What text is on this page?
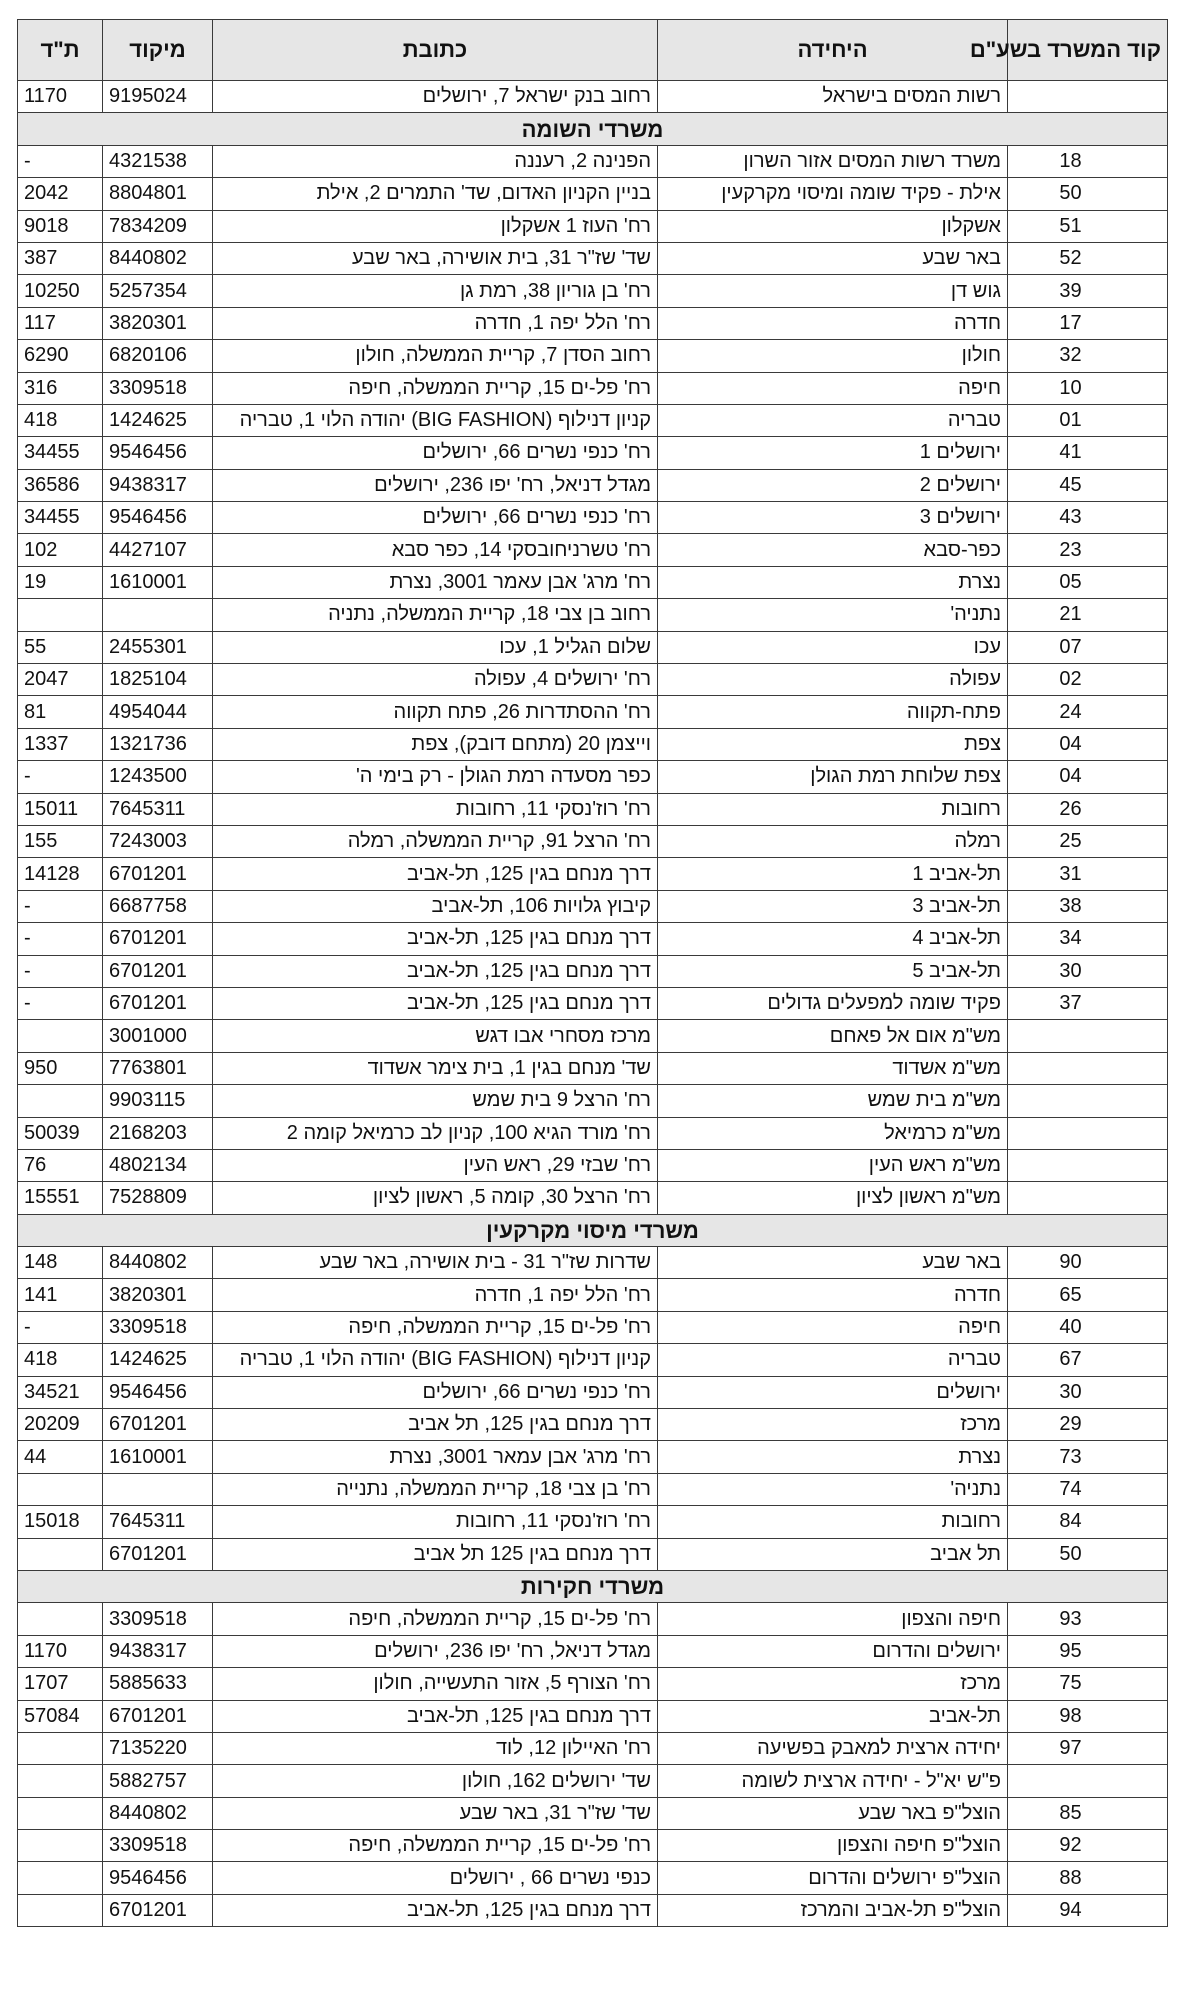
קוד המשרד בשע"ם	היחידה	כתובת	מיקוד	ת"ד
	רשות המסים בישראל	רחוב בנק ישראל 7, ירושלים	9195024	1170
משרדי השומה				
18	משרד רשות המסים אזור השרון	הפנינה 2, רעננה	4321538	-
50	אילת - פקיד שומה ומיסוי מקרקעין	בניין הקניון האדום, שד' התמרים 2, אילת	8804801	2042
51	אשקלון	רח' העוז 1 אשקלון	7834209	9018
52	באר שבע	שד' שז"ר 31, בית אושירה, באר שבע	8440802	387
39	גוש דן	רח' בן גוריון 38, רמת גן	5257354	10250
17	חדרה	רח' הלל יפה 1, חדרה	3820301	117
32	חולון	רחוב הסדן 7, קריית הממשלה, חולון	6820106	6290
10	חיפה	רח' פל-ים 15, קריית הממשלה, חיפה	3309518	316
01	טבריה	קניון דנילוף (BIG FASHION) יהודה הלוי 1, טבריה	1424625	418
41	ירושלים 1	רח' כנפי נשרים 66, ירושלים	9546456	34455
45	ירושלים 2	מגדל דניאל, רח' יפו 236, ירושלים	9438317	36586
43	ירושלים 3	רח' כנפי נשרים 66, ירושלים	9546456	34455
23	כפר-סבא	רח' טשרניחובסקי 14, כפר סבא	4427107	102
05	נצרת	רח' מרג' אבן עאמר 3001, נצרת	1610001	19
21	נתניה'	רחוב בן צבי 18, קריית הממשלה, נתניה		
07	עכו	שלום הגליל 1, עכו	2455301	55
02	עפולה	רח' ירושלים 4, עפולה	1825104	2047
24	פתח-תקווה	רח' ההסתדרות 26, פתח תקווה	4954044	81
04	צפת	וייצמן 20 (מתחם דובק), צפת	1321736	1337
04	צפת שלוחת רמת הגולן	כפר מסעדה רמת הגולן - רק בימי ה'	1243500	-
26	רחובות	רח' רוז'נסקי 11, רחובות	7645311	15011
25	רמלה	רח' הרצל 91, קריית הממשלה, רמלה	7243003	155
31	תל-אביב 1	דרך מנחם בגין 125, תל-אביב	6701201	14128
38	תל-אביב 3	קיבוץ גלויות 106, תל-אביב	6687758	-
34	תל-אביב 4	דרך מנחם בגין 125, תל-אביב	6701201	-
30	תל-אביב 5	דרך מנחם בגין 125, תל-אביב	6701201	-
37	פקיד שומה למפעלים גדולים	דרך מנחם בגין 125, תל-אביב	6701201	-
	מש"מ אום אל פאחם	מרכז מסחרי אבו דגש	3001000	
	מש"מ אשדוד	שד' מנחם בגין 1, בית צימר אשדוד	7763801	950
	מש"מ בית שמש	רח' הרצל 9 בית שמש	9903115	
	מש"מ כרמיאל	רח' מורד הגיא 100, קניון לב כרמיאל קומה 2	2168203	50039
	מש"מ ראש העין	רח' שבזי 29, ראש העין	4802134	76
	מש"מ ראשון לציון	רח' הרצל 30, קומה 5, ראשון לציון	7528809	15551
משרדי מיסוי מקרקעין				
90	באר שבע	שדרות שז"ר 31 - בית אושירה, באר שבע	8440802	148
65	חדרה	רח' הלל יפה 1, חדרה	3820301	141
40	חיפה	רח' פל-ים 15, קריית הממשלה, חיפה	3309518	-
67	טבריה	קניון דנילוף (BIG FASHION) יהודה הלוי 1, טבריה	1424625	418
30	ירושלים	רח' כנפי נשרים 66, ירושלים	9546456	34521
29	מרכז	דרך מנחם בגין 125, תל אביב	6701201	20209
73	נצרת	רח' מרג' אבן עמאר 3001, נצרת	1610001	44
74	נתניה'	רח' בן צבי 18, קריית הממשלה, נתנייה		
84	רחובות	רח' רוז'נסקי 11, רחובות	7645311	15018
50	תל אביב	דרך מנחם בגין 125 תל אביב	6701201	
משרדי חקירות				
93	חיפה והצפון	רח' פל-ים 15, קריית הממשלה, חיפה	3309518	
95	ירושלים והדרום	מגדל דניאל, רח' יפו 236, ירושלים	9438317	1170
75	מרכז	רח' הצורף 5, אזור התעשייה, חולון	5885633	1707
98	תל-אביב	דרך מנחם בגין 125, תל-אביב	6701201	57084
97	יחידה ארצית למאבק בפשיעה	רח' האיילון 12, לוד	7135220	
	פ"ש יא"ל - יחידה ארצית לשומה	שד' ירושלים 162, חולון	5882757	
85	הוצל"פ באר שבע	שד' שז"ר 31, באר שבע	8440802	
92	הוצל"פ חיפה והצפון	רח' פל-ים 15, קריית הממשלה, חיפה	3309518	
88	הוצל"פ ירושלים והדרום	כנפי נשרים 66 , ירושלים	9546456	
94	הוצל"פ תל-אביב והמרכז	דרך מנחם בגין 125, תל-אביב	6701201	
